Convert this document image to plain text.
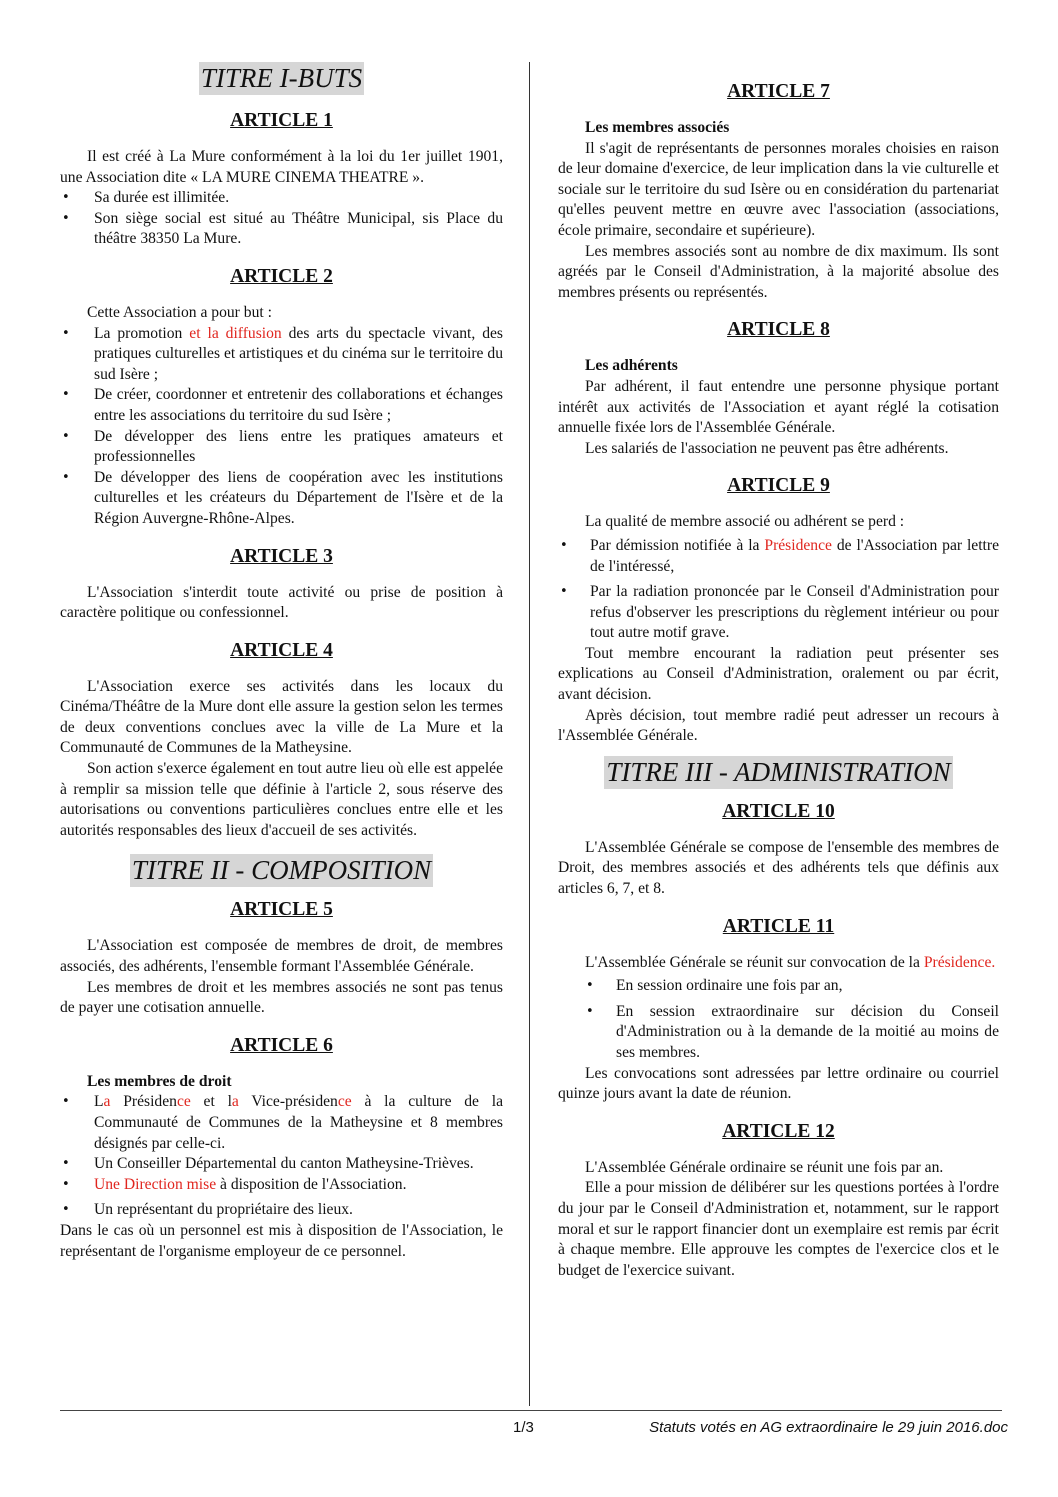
TITRE I-BUTS
ARTICLE 1

Il est créé à La Mure conformément à la loi du 1er juillet 1901, une Association dite « LA MURE CINEMA THEATRE ».

• Sa durée est illimitée.
• Son siège social est situé au Théâtre Municipal, sis Place du théâtre 38350 La Mure.
ARTICLE 2

Cette Association a pour but :

• La promotion et la diffusion des arts du spectacle vivant, des pratiques culturelles et artistiques et du cinéma sur le territoire du sud Isère ;
• De créer, coordonner et entretenir des collaborations et échanges entre les associations du territoire du sud Isère ;
• De développer des liens entre les pratiques amateurs et professionnelles
• De développer des liens de coopération avec les institutions culturelles et les créateurs du Département de l'Isère et de la Région Auvergne-Rhône-Alpes.
ARTICLE 3

L'Association s'interdit toute activité ou prise de position à caractère politique ou confessionnel.

ARTICLE 4

L'Association exerce ses activités dans les locaux du Cinéma/Théâtre de la Mure dont elle assure la gestion selon les termes de deux conventions conclues avec la ville de La Mure et la Communauté de Communes de la Matheysine.

Son action s'exerce également en tout autre lieu où elle est appelée à remplir sa mission telle que définie à l'article 2, sous réserve des autorisations ou conventions particulières conclues entre elle et les autorités responsables des lieux d'accueil de ses activités.

TITRE II - COMPOSITION
ARTICLE 5

L'Association est composée de membres de droit, de membres associés, des adhérents, l'ensemble formant l'Assemblée Générale.

Les membres de droit et les membres associés ne sont pas tenus de payer une cotisation annuelle.

ARTICLE 6
Les membres de droit
• La Présidence et la Vice-présidence à la culture de la Communauté de Communes de la Matheysine et 8 membres désignés par celle-ci.
• Un Conseiller Départemental du canton Matheysine-Trièves.
• Une Direction mise à disposition de l'Association.
• Un représentant du propriétaire des lieux.

Dans le cas où un personnel est mis à disposition de l'Association, le représentant de l'organisme employeur de ce personnel.

ARTICLE 7
Les membres associés

Il s'agit de représentants de personnes morales choisies en raison de leur domaine d'exercice, de leur implication dans la vie culturelle et sociale sur le territoire du sud Isère ou en considération du partenariat qu'elles peuvent mettre en œuvre avec l'association (associations, école primaire, secondaire et supérieure).

Les membres associés sont au nombre de dix maximum. Ils sont agréés par le Conseil d'Administration, à la majorité absolue des membres présents ou représentés.

ARTICLE 8
Les adhérents

Par adhérent, il faut entendre une personne physique portant intérêt aux activités de l'Association et ayant réglé la cotisation annuelle fixée lors de l'Assemblée Générale.

Les salariés de l'association ne peuvent pas être adhérents.

ARTICLE 9

La qualité de membre associé ou adhérent se perd :

• Par démission notifiée à la Présidence de l'Association par lettre de l'intéressé,
• Par la radiation prononcée par le Conseil d'Administration pour refus d'observer les prescriptions du règlement intérieur ou pour tout autre motif grave.

Tout membre encourant la radiation peut présenter ses explications au Conseil d'Administration, oralement ou par écrit, avant décision.

Après décision, tout membre radié peut adresser un recours à l'Assemblée Générale.

TITRE III - ADMINISTRATION
ARTICLE 10

L'Assemblée Générale se compose de l'ensemble des membres de Droit, des membres associés et des adhérents tels que définis aux articles 6, 7, et 8.

ARTICLE 11

L'Assemblée Générale se réunit sur convocation de la Présidence.

• En session ordinaire une fois par an,
• En session extraordinaire sur décision du Conseil d'Administration ou à la demande de la moitié au moins de ses membres.

Les convocations sont adressées par lettre ordinaire ou courriel quinze jours avant la date de réunion.

ARTICLE 12

L'Assemblée Générale ordinaire se réunit une fois par an.

Elle a pour mission de délibérer sur les questions portées à l'ordre du jour par le Conseil d'Administration et, notamment, sur le rapport moral et sur le rapport financier dont un exemplaire est remis par écrit à chaque membre. Elle approuve les comptes de l'exercice clos et le budget de l'exercice suivant.

1/3	Statuts votés en AG extraordinaire le 29 juin 2016.doc
